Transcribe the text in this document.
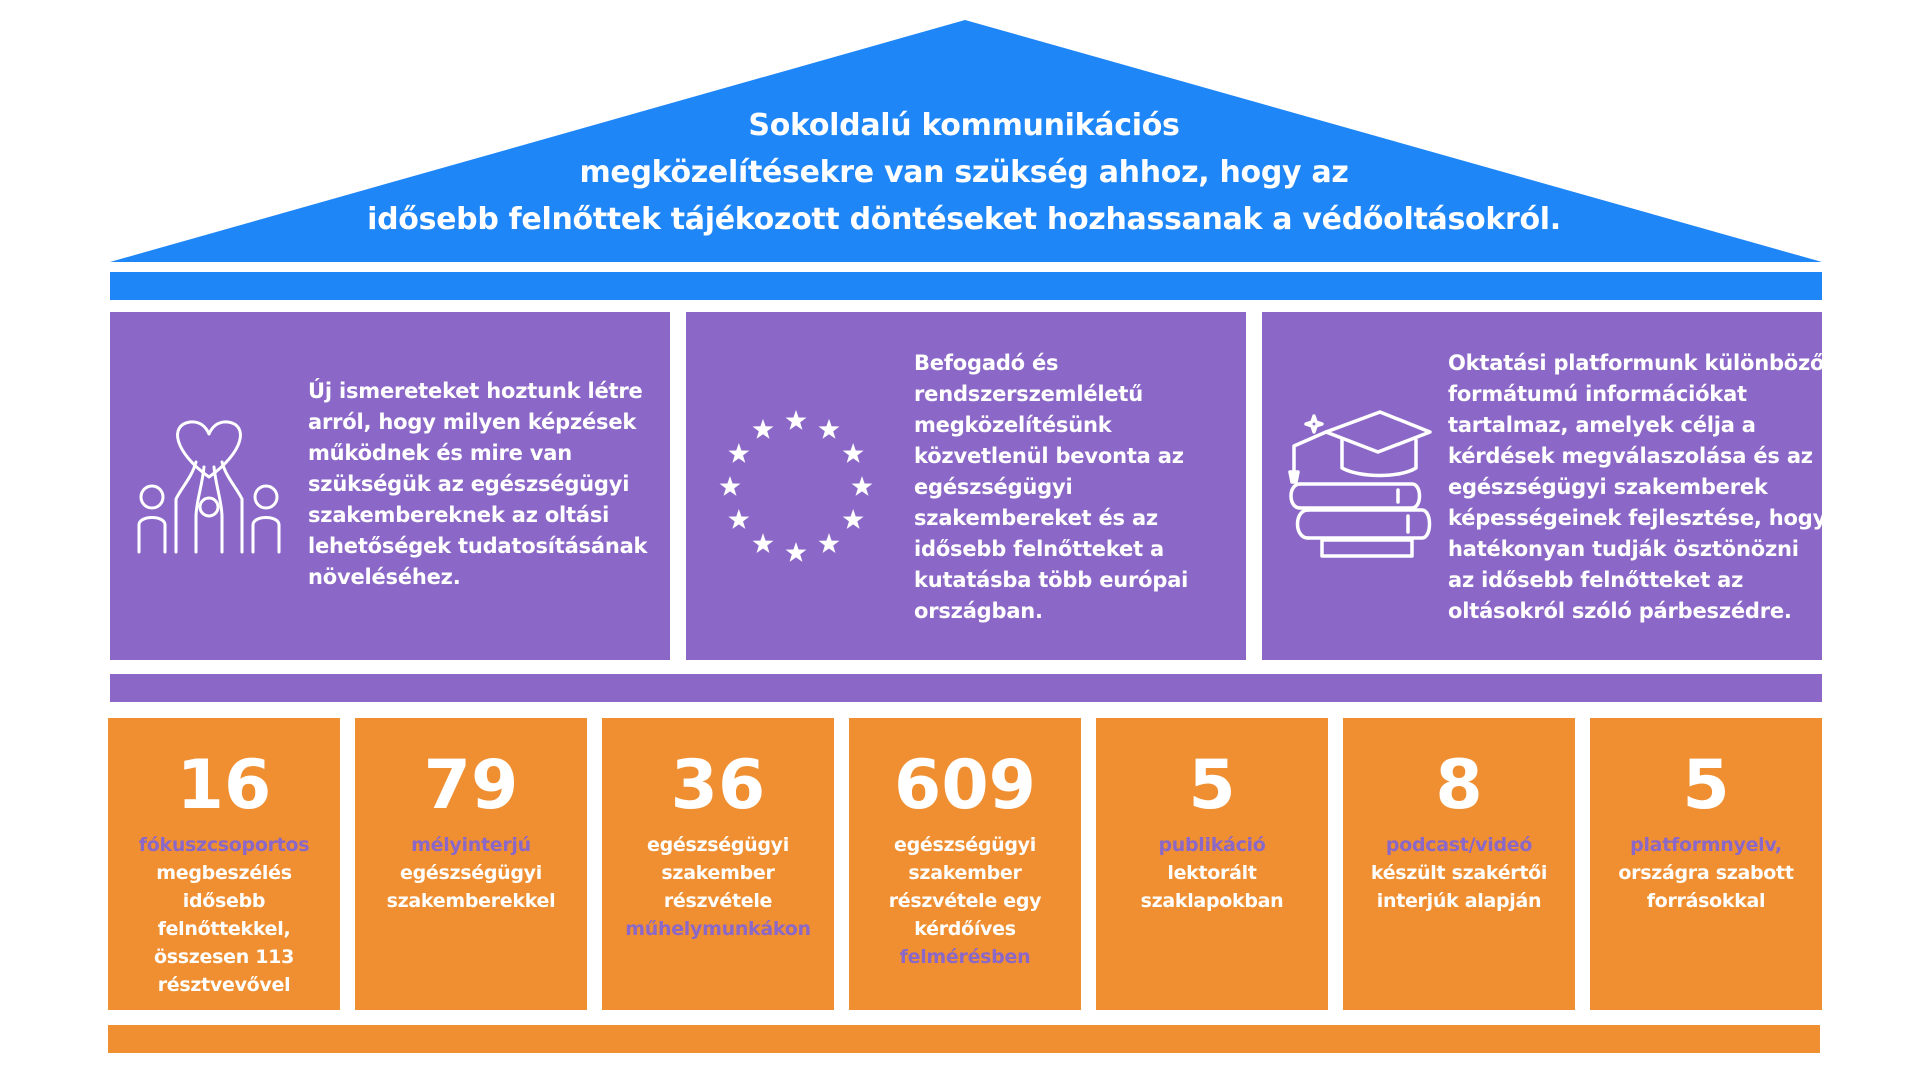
Sokoldalú kommunikációs
megközelítésekre van szükség ahhoz, hogy az
idősebb felnőttek tájékozott döntéseket hozhassanak a védőoltásokról.
Új ismereteket hoztunk létre
arról, hogy milyen képzések
működnek és mire van
szükségük az egészségügyi
szakembereknek az oltási
lehetőségek tudatosításának
növeléséhez.
Befogadó és
rendszerszemléletű
megközelítésünk
közvetlenül bevonta az
egészségügyi
szakembereket és az
idősebb felnőtteket a
kutatásba több európai
országban.
Oktatási platformunk különböző
formátumú információkat
tartalmaz, amelyek célja a
kérdések megválaszolása és az
egészségügyi szakemberek
képességeinek fejlesztése, hogy
hatékonyan tudják ösztönözni
az idősebb felnőtteket az
oltásokról szóló párbeszédre.
16
fókuszcsoportos
megbeszélés
idősebb
felnőttekkel,
összesen 113
résztvevővel
79
mélyinterjú
egészségügyi
szakemberekkel
36
egészségügyi
szakember
részvétele
műhelymunkákon
609
egészségügyi
szakember
részvétele egy
kérdőíves
felmérésben
5
publikáció
lektorált
szaklapokban
8
podcast/videó
készült szakértői
interjúk alapján
5
platformnyelv,
országra szabott
forrásokkal
